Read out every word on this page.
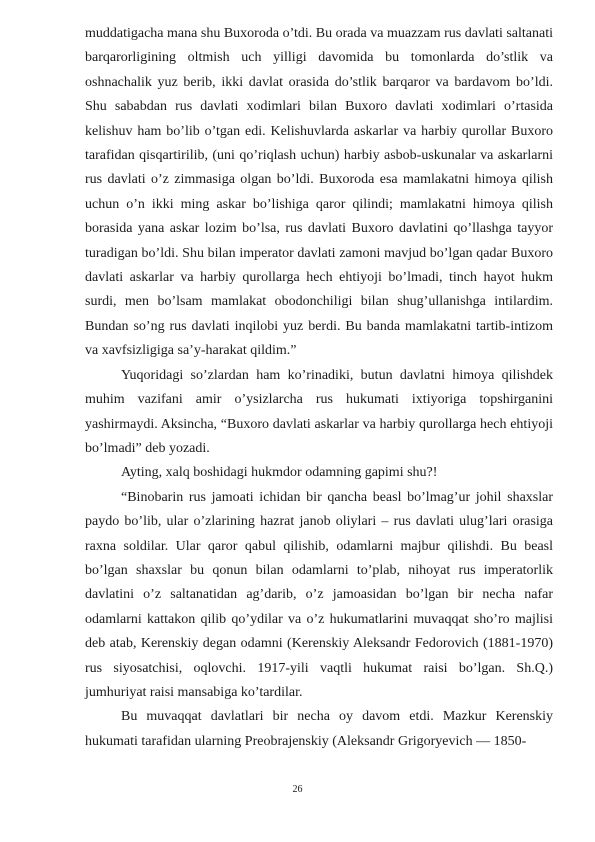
muddatigacha mana shu Buxoroda o’tdi. Bu orada va muazzam rus davlati saltanati barqarorligining oltmish uch yilligi davomida bu tomonlarda do’stlik va oshnachalik yuz berib, ikki davlat orasida do’stlik barqaror va bardavom bo’ldi. Shu sababdan rus davlati xodimlari bilan Buxoro davlati xodimlari o’rtasida kelishuv ham bo’lib o’tgan edi. Kelishuvlarda askarlar va harbiy qurollar Buxoro tarafidan qisqartirilib, (uni qo’riqlash uchun) harbiy asbob-uskunalar va askarlarni rus davlati o’z zimmasiga olgan bo’ldi. Buxoroda esa mamlakatni himoya qilish uchun o’n ikki ming askar bo’lishiga qaror qilindi; mamlakatni himoya qilish borasida yana askar lozim bo’lsa, rus davlati Buxoro davlatini qo’llashga tayyor turadigan bo’ldi. Shu bilan imperator davlati zamoni mavjud bo’lgan qadar Buxoro davlati askarlar va harbiy qurollarga hech ehtiyoji bo’lmadi, tinch hayot hukm surdi, men bo’lsam mamlakat obodonchiligi bilan shug’ullanishga intilardim. Bundan so’ng rus davlati inqilobi yuz berdi. Bu banda mamlakatni tartib-intizom va xavfsizligiga sa’y-harakat qildim.”

Yuqoridagi so’zlardan ham ko’rinadiki, butun davlatni himoya qilishdek muhim vazifani amir o’ysizlarcha rus hukumati ixtiyoriga topshirganini yashirmaydi. Aksincha, “Buxoro davlati askarlar va harbiy qurollarga hech ehtiyoji bo’lmadi” deb yozadi.

Ayting, xalq boshidagi hukmdor odamning gapimi shu?!

“Binobarin rus jamoati ichidan bir qancha beasl bo’lmag’ur johil shaxslar paydo bo’lib, ular o’zlarining hazrat janob oliylari – rus davlati ulug’lari orasiga raxna soldilar. Ular qaror qabul qilishib, odamlarni majbur qilishdi. Bu beasl bo’lgan shaxslar bu qonun bilan odamlarni to’plab, nihoyat rus imperatorlik davlatini o’z saltanatidan ag’darib, o’z jamoasidan bo’lgan bir necha nafar odamlarni kattakon qilib qo’ydilar va o’z hukumatlarini muvaqqat sho’ro majlisi deb atab, Kerenskiy degan odamni (Kerenskiy Aleksandr Fedorovich (1881-1970) rus siyosatchisi, oqlovchi. 1917-yili vaqtli hukumat raisi bo’lgan. Sh.Q.) jumhuriyat raisi mansabiga ko’tardilar.

Bu muvaqqat davlatlari bir necha oy davom etdi. Mazkur Kerenskiy hukumati tarafidan ularning Preobrajenskiy (Aleksandr Grigoryevich — 1850-

26
